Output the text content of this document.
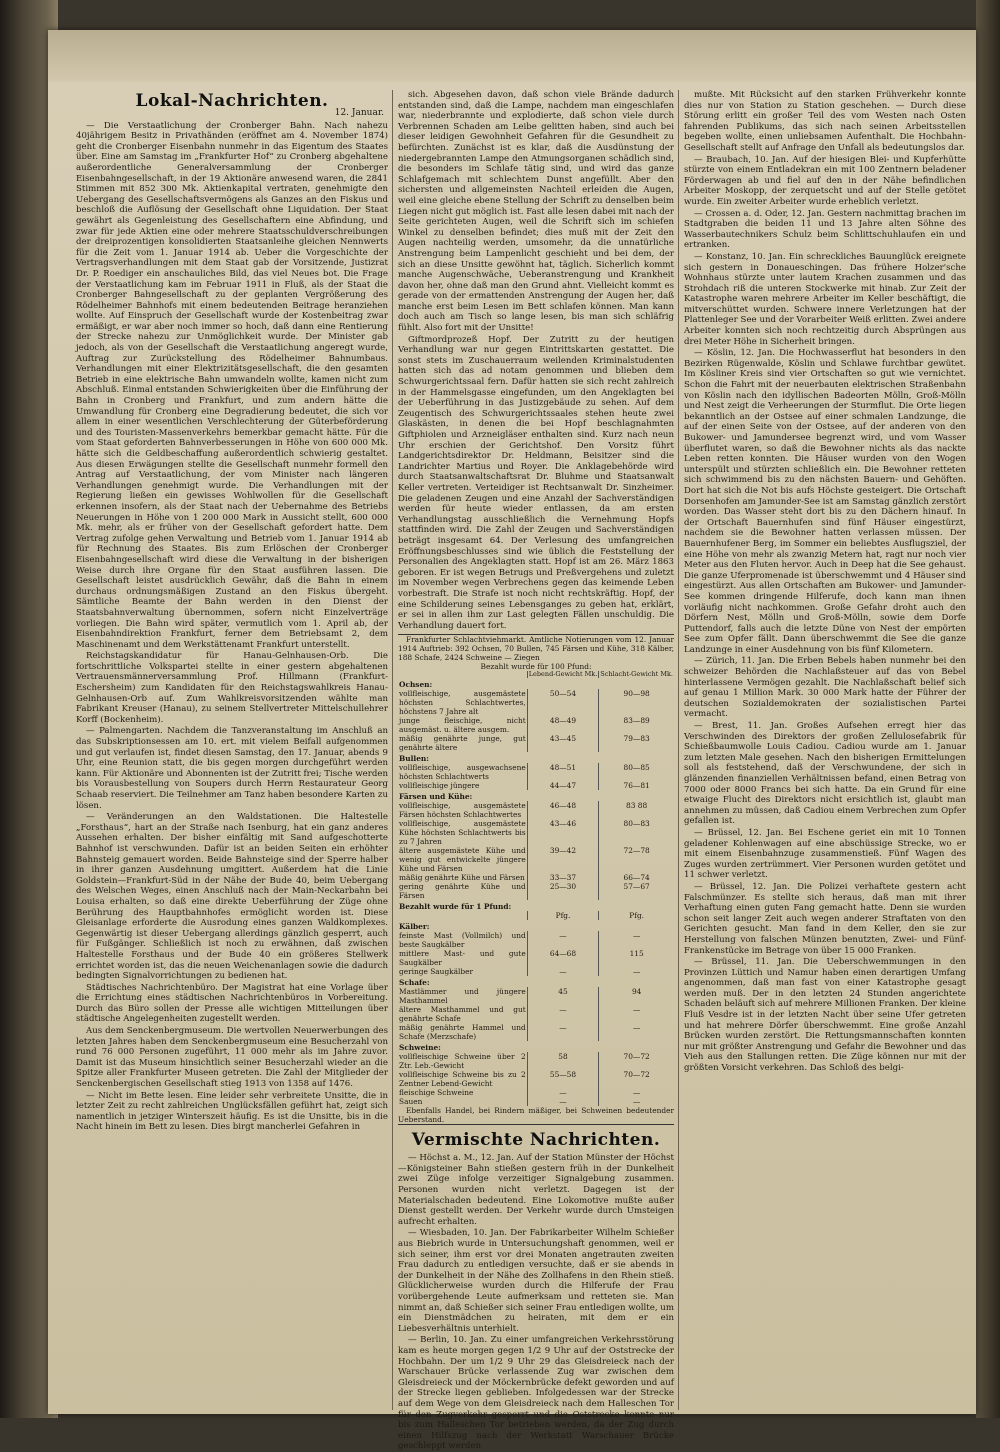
Lokal-Nachrichten.
12. Januar.

— Die Verstaatlichung der Cronberger Bahn. Nach nahezu 40jährigem Besitz in Privathänden (eröffnet am 4. November 1874) geht die Cronberger Eisenbahn nunmehr in das Eigentum des Staates über. Eine am Samstag im „Frankfurter Hof“ zu Cronberg abgehaltene außerordentliche Generalversammlung der Cronberger Eisenbahngesellschaft, in der 19 Aktionäre anwesend waren, die 2841 Stimmen mit 852 300 Mk. Aktienkapital vertraten, genehmigte den Uebergang des Gesellschaftsvermögens als Ganzes an den Fiskus und beschloß die Auflösung der Gesellschaft ohne Liquidation. Der Staat gewährt als Gegenleistung des Gesellschaftern eine Abfindung, und zwar für jede Aktien eine oder mehrere Staatsschuldverschreibungen der dreiprozentigen konsolidierten Staatsanleihe gleichen Nennwerts für die Zeit vom 1. Januar 1914 ab. Ueber die Vorgeschichte der Vertragsverhandlungen mit dem Staat gab der Vorsitzende, Justizrat Dr. P. Roediger ein anschauliches Bild, das viel Neues bot. Die Frage der Verstaatlichung kam im Februar 1911 in Fluß, als der Staat die Cronberger Bahngesellschaft zu der geplanten Vergrößerung des Rödelheimer Bahnhofs mit einem bedeutenden Beitrage heranziehen wollte. Auf Einspruch der Gesellschaft wurde der Kostenbeitrag zwar ermäßigt, er war aber noch immer so hoch, daß dann eine Rentierung der Strecke nahezu zur Unmöglichkeit wurde. Der Minister gab jedoch, als von der Gesellschaft die Verstaatlichung angeregt wurde, Auftrag zur Zurückstellung des Rödelheimer Bahnumbaus. Verhandlungen mit einer Elektrizitätsgesellschaft, die den gesamten Betrieb in eine elektrische Bahn umwandeln wollte, kamen nicht zum Abschluß. Einmal entstanden Schwierigkeiten über die Einführung der Bahn in Cronberg und Frankfurt, und zum andern hätte die Umwandlung für Cronberg eine Degradierung bedeutet, die sich vor allem in einer wesentlichen Verschlechterung der Güterbeförderung und des Touristen-Massenverkehrs bemerkbar gemacht hätte. Für die vom Staat geforderten Bahnverbesserungen in Höhe von 600 000 Mk. hätte sich die Geldbeschaffung außerordentlich schwierig gestaltet. Aus diesen Erwägungen stellte die Gesellschaft nunmehr formell den Antrag auf Verstaatlichung, der vom Minister nach längeren Verhandlungen genehmigt wurde. Die Verhandlungen mit der Regierung ließen ein gewisses Wohlwollen für die Gesellschaft erkennen insofern, als der Staat nach der Uebernahme des Betriebs Neuerungen in Höhe von 1 200 000 Mark in Aussicht stellt, 600 000 Mk. mehr, als er früher von der Gesellschaft gefordert hatte. Dem Vertrag zufolge gehen Verwaltung und Betrieb vom 1. Januar 1914 ab für Rechnung des Staates. Bis zum Erlöschen der Cronberger Eisenbahngesellschaft wird diese die Verwaltung in der bisherigen Weise durch ihre Organe für den Staat ausführen lassen. Die Gesellschaft leistet ausdrücklich Gewähr, daß die Bahn in einem durchaus ordnungsmäßigen Zustand an den Fiskus übergeht. Sämtliche Beamte der Bahn werden in den Dienst der Staatsbahnverwaltung übernommen, sofern nicht Einzelverträge vorliegen. Die Bahn wird später, vermutlich vom 1. April ab, der Eisenbahndirektion Frankfurt, ferner dem Betriebsamt 2, dem Maschinenamt und dem Werkstättenamt Frankfurt unterstellt.

Reichstagskandidatur für Hanau-Gelnhausen-Orb. Die fortschrittliche Volkspartei stellte in einer gestern abgehaltenen Vertrauensmännerversammlung Prof. Hillmann (Frankfurt-Eschersheim) zum Kandidaten für den Reichstagswahlkreis Hanau-Gelnhausen-Orb auf. Zum Wahlkreisvorsitzenden wählte man Fabrikant Kreuser (Hanau), zu seinem Stellvertreter Mittelschullehrer Korff (Bockenheim).

— Palmengarten. Nachdem die Tanzveranstaltung im Anschluß an das Subskriptionsessen am 10. ert. mit vielem Beifall aufgenommen und gut verlaufen ist, findet diesen Samstag, den 17. Januar, abends 9 Uhr, eine Reunion statt, die bis gegen morgen durchgeführt werden kann. Für Aktionäre und Abonnenten ist der Zutritt frei; Tische werden bis Vorausbestellung von Soupers durch Herrn Restaurateur Georg Schaab reserviert. Die Teilnehmer am Tanz haben besondere Karten zu lösen.

— Veränderungen an den Waldstationen. Die Haltestelle „Forsthaus“, hart an der Straße nach Isenburg, hat ein ganz anderes Aussehen erhalten. Der bisher einfältig mit Sand aufgeschotterte Bahnhof ist verschwunden. Dafür ist an beiden Seiten ein erhöhter Bahnsteig gemauert worden. Beide Bahnsteige sind der Sperre halber in ihrer ganzen Ausdehnung umgittert. Außerdem hat die Linie Goldstein—Frankfurt-Süd in der Nähe der Bude 40, beim Uebergang des Welschen Weges, einen Anschluß nach der Main-Neckarbahn bei Louisa erhalten, so daß eine direkte Ueberführung der Züge ohne Berührung des Hauptbahnhofes ermöglicht worden ist. Diese Gleisanlage erforderte die Ausrodung eines ganzen Waldkomplexes. Gegenwärtig ist dieser Uebergang allerdings gänzlich gesperrt, auch für Fußgänger. Schließlich ist noch zu erwähnen, daß zwischen Haltestelle Forsthaus und der Bude 40 ein größeres Stellwerk errichtet worden ist, das die neuen Weichenanlagen sowie die dadurch bedingten Signalvorrichtungen zu bedienen hat.

Städtisches Nachrichtenbüro. Der Magistrat hat eine Vorlage über die Errichtung eines städtischen Nachrichtenbüros in Vorbereitung. Durch das Büro sollen der Presse alle wichtigen Mitteilungen über städtische Angelegenheiten zugestellt werden.

Aus dem Senckenbergmuseum. Die wertvollen Neuerwerbungen des letzten Jahres haben dem Senckenbergmuseum eine Besucherzahl von rund 76 000 Personen zugeführt, 11 000 mehr als im Jahre zuvor. Damit ist das Museum hinsichtlich seiner Besucherzahl wieder an die Spitze aller Frankfurter Museen getreten. Die Zahl der Mitglieder der Senckenbergischen Gesellschaft stieg 1913 von 1358 auf 1476.

— Nicht im Bette lesen. Eine leider sehr verbreitete Unsitte, die in letzter Zeit zu recht zahlreichen Unglücksfällen geführt hat, zeigt sich namentlich in jetziger Winterszeit häufig. Es ist die Unsitte, bis in die Nacht hinein im Bett zu lesen. Dies birgt mancherlei Gefahren in

sich. Abgesehen davon, daß schon viele Brände dadurch entstanden sind, daß die Lampe, nachdem man eingeschlafen war, niederbrannte und explodierte, daß schon viele durch Verbrennen Schaden am Leibe gelitten haben, sind auch bei dieser leidigen Gewohnheit Gefahren für die Gesundheit zu befürchten. Zunächst ist es klar, daß die Ausdünstung der niedergebrannten Lampe den Atmungsorganen schädlich sind, die besonders im Schlafe tätig sind, und wird das ganze Schlafgemach mit schlechtem Dunst angefüllt. Aber den sichersten und allgemeinsten Nachteil erleiden die Augen, weil eine gleiche ebene Stellung der Schrift zu denselben beim Liegen nicht gut möglich ist. Fast alle lesen dabei mit nach der Seite gerichteten Augen, weil die Schrift sich im schiefen Winkel zu denselben befindet; dies muß mit der Zeit den Augen nachteilig werden, umsomehr, da die unnatürliche Anstrengung beim Lampenlicht geschieht und bei dem, der sich an diese Unsitte gewöhnt hat, täglich. Sicherlich kommt manche Augenschwäche, Ueberanstrengung und Krankheit davon her, ohne daß man den Grund ahnt. Vielleicht kommt es gerade von der ermattenden Anstrengung der Augen her, daß manche erst beim Lesen im Bett schlafen können. Man kann doch auch am Tisch so lange lesen, bis man sich schläfrig fühlt. Also fort mit der Unsitte!

Giftmordprozeß Hopf. Der Zutritt zu der heutigen Verhandlung war nur gegen Eintrittskarten gestattet. Die sonst stets im Zuschauerraum weilenden Kriminalstudenten hatten sich das ad notam genommen und blieben dem Schwurgerichtssaal fern. Dafür hatten sie sich recht zahlreich in der Hammelsgasse eingefunden, um den Angeklagten bei der Ueberführung in das Justizgebäude zu sehen. Auf dem Zeugentisch des Schwurgerichtssaales stehen heute zwei Glaskästen, in denen die bei Hopf beschlagnahmten Giftphiolen und Arzneigläser enthalten sind. Kurz nach neun Uhr erschien der Gerichtshof. Den Vorsitz führt Landgerichtsdirektor Dr. Heldmann, Beisitzer sind die Landrichter Martius und Royer. Die Anklagebehörde wird durch Staatsanwaltschaftsrat Dr. Bluhme und Staatsanwalt Keller vertreten. Verteidiger ist Rechtsanwalt Dr. Sinzheimer. Die geladenen Zeugen und eine Anzahl der Sachverständigen werden für heute wieder entlassen, da am ersten Verhandlungstag ausschließlich die Vernehmung Hopfs stattfinden wird. Die Zahl der Zeugen und Sachverständigen beträgt insgesamt 64. Der Verlesung des umfangreichen Eröffnungsbeschlusses sind wie üblich die Feststellung der Personalien des Angeklagten statt. Hopf ist am 26. März 1863 geboren. Er ist wegen Betrugs und Preßvergehens und zuletzt im November wegen Verbrechens gegen das keimende Leben vorbestraft. Die Strafe ist noch nicht rechtskräftig. Hopf, der eine Schilderung seines Lebensganges zu geben hat, erklärt, er sei in allen ihm zur Last gelegten Fällen unschuldig. Die Verhandlung dauert fort.

Frankfurter Schlachtviehmarkt. Amtliche Notierungen vom 12. Januar 1914 Auftrieb: 392 Ochsen, 70 Bullen, 745 Färsen und Kühe, 318 Kälber, 188 Schafe, 2424 Schweine — Ziegen
Bezahlt wurde für 100 Pfund:
	Lebend-Gewicht Mk.	Schlacht-Gewicht Mk.
Ochsen:		
vollfleischige, ausgemästete höchsten Schlachtwertes, höchstens 7 Jahre alt	50—54	90—98
junge fleischige, nicht ausgemäst. u. ältere ausgem.	48—49	83—89
mäßig genährte junge, gut genährte ältere	43—45	79—83
Bullen:		
vollfleischige, ausgewachsene höchsten Schlachtwerts	48—51	80—85
vollfleischige jüngere	44—47	76—81
Färsen und Kühe:		
vollfleischige, ausgemästete Färsen höchsten Schlachtwertes	46—48	83 88
vollfleischige, ausgemästete Kühe höchsten Schlachtwerts bis zu 7 Jahren	43—46	80—83
ältere ausgemästete Kühe und wenig gut entwickelte jüngere Kühe und Färsen	39—42	72—78
mäßig genährte Kühe und Färsen	33—37	66—74
gering genährte Kühe und Färsen	25—30	57—67
Bezahlt wurde für 1 Pfund:		
	Pfg.	Pfg.
Kälber:		
feinste Mast (Vollmilch) und beste Saugkälber	—	—
mittlere Mast- und gute Saugkälber	64—68	115
geringe Saugkälber	—	—
Schafe:		
Mastlämmer und jüngere Masthammel	45	94
ältere Masthammel und gut genährte Schafe	—	—
mäßig genährte Hammel und Schafe (Merzschafe)	—	—
Schweine:		
vollfleischige Schweine über 2 Ztr. Leb.-Gewicht	58	70—72
vollfleischige Schweine bis zu 2 Zentner Lebend-Gewicht	55—58	70—72
fleischige Schweine	—	—
Sauen	—	—
Ebenfalls Handel, bei Rindern mäßiger, bei Schweinen bedeutender Ueberstand.
Vermischte Nachrichten.

— Höchst a. M., 12. Jan. Auf der Station Münster der Höchst—Königsteiner Bahn stießen gestern früh in der Dunkelheit zwei Züge infolge verzeitiger Signalgebung zusammen. Personen wurden nicht verletzt. Dagegen ist der Materialschaden bedeutend. Eine Lokomotive mußte außer Dienst gestellt werden. Der Verkehr wurde durch Umsteigen aufrecht erhalten.

— Wiesbaden, 10. Jan. Der Fabrikarbeiter Wilhelm Schießer aus Biebrich wurde in Untersuchungshaft genommen, weil er sich seiner, ihm erst vor drei Monaten angetrauten zweiten Frau dadurch zu entledigen versuchte, daß er sie abends in der Dunkelheit in der Nähe des Zollhafens in den Rhein stieß. Glücklicherweise wurden durch die Hilferufe der Frau vorübergehende Leute aufmerksam und retteten sie. Man nimmt an, daß Schießer sich seiner Frau entledigen wollte, um ein Dienstmädchen zu heiraten, mit dem er ein Liebesverhältnis unterhielt.

— Berlin, 10. Jan. Zu einer umfangreichen Verkehrsstörung kam es heute morgen gegen 1/2 9 Uhr auf der Oststrecke der Hochbahn. Der um 1/2 9 Uhr 29 das Gleisdreieck nach der Warschauer Brücke verlassende Zug war zwischen dem Gleisdreieck und der Möckernbrücke defekt geworden und auf der Strecke liegen geblieben. Infolgedessen war der Strecke auf dem Wege von dem Gleisdreieck nach dem Halleschen Tor für den Zugverkehr gesperrt und die Oststrecke konnte nur bis zum Halleschen Tor betrieben werden, da der Zug durch einen Hilfszug nach der Werkstatt Warschauer Brücke geschleppt werden

mußte. Mit Rücksicht auf den starken Frühverkehr konnte dies nur von Station zu Station geschehen. — Durch diese Störung erlitt ein großer Teil des vom Westen nach Osten fahrenden Publikums, das sich nach seinen Arbeitsstellen begeben wollte, einen unliebsamen Aufenthalt. Die Hochbahn-Gesellschaft stellt auf Anfrage den Unfall als bedeutungslos dar.

— Braubach, 10. Jan. Auf der hiesigen Blei- und Kupferhütte stürzte von einem Entladekran ein mit 100 Zentnern beladener Förderwagen ab und fiel auf den in der Nähe befindlichen Arbeiter Moskopp, der zerquetscht und auf der Stelle getötet wurde. Ein zweiter Arbeiter wurde erheblich verletzt.

— Crossen a. d. Oder, 12. Jan. Gestern nachmittag brachen im Stadtgraben die beiden 11 und 13 Jahre alten Söhne des Wasserbautechnikers Schulz beim Schlittschuhlaufen ein und ertranken.

— Konstanz, 10. Jan. Ein schreckliches Bauunglück ereignete sich gestern in Donaueschingen. Das frühere Holzer'sche Wohnhaus stürzte unter lautem Krachen zusammen und das Strohdach riß die unteren Stockwerke mit hinab. Zur Zeit der Katastrophe waren mehrere Arbeiter im Keller beschäftigt, die mitverschüttet wurden. Schwere innere Verletzungen hat der Plattenleger See und der Vorarbeiter Weiß erlitten. Zwei andere Arbeiter konnten sich noch rechtzeitig durch Absprüngen aus drei Meter Höhe in Sicherheit bringen.

— Köslin, 12. Jan. Die Hochwasserflut hat besonders in den Bezirken Rügenwalde, Köslin und Schlawe furchtbar gewütet. Im Kösliner Kreis sind vier Ortschaften so gut wie vernichtet. Schon die Fahrt mit der neuerbauten elektrischen Straßenbahn von Köslin nach den idyllischen Badeorten Mölln, Groß-Mölln und Nest zeigt die Verheerungen der Sturmflut. Die Orte liegen bekanntlich an der Ostsee auf einer schmalen Landzunge, die auf der einen Seite von der Ostsee, auf der anderen von den Bukower- und Jamundersee begrenzt wird, und vom Wasser überflutet waren, so daß die Bewohner nichts als das nackte Leben retten konnten. Die Häuser wurden von den Wogen unterspült und stürzten schließlich ein. Die Bewohner retteten sich schwimmend bis zu den nächsten Bauern- und Gehöften. Dort hat sich die Not bis aufs Höchste gesteigert. Die Ortschaft Dorsenhofen am Jamunder-See ist am Samstag gänzlich zerstört worden. Das Wasser steht dort bis zu den Dächern hinauf. In der Ortschaft Bauernhufen sind fünf Häuser eingestürzt, nachdem sie die Bewohner hatten verlassen müssen. Der Bauernhufener Berg, im Sommer ein beliebtes Ausflugsziel, der eine Höhe von mehr als zwanzig Metern hat, ragt nur noch vier Meter aus den Fluten hervor. Auch in Deep hat die See gehaust. Die ganze Uferpromenade ist überschwemmt und 4 Häuser sind eingestürzt. Aus allen Ortschaften am Bukower- und Jamunder-See kommen dringende Hilferufe, doch kann man ihnen vorläufig nicht nachkommen. Große Gefahr droht auch den Dörfern Nest, Mölln und Groß-Mölln, sowie dem Dorfe Puttendorf, falls auch die letzte Düne von Nest der empörten See zum Opfer fällt. Dann überschwemmt die See die ganze Landzunge in einer Ausdehnung von bis fünf Kilometern.

— Zürich, 11. Jan. Die Erben Bebels haben nunmehr bei den schweizer Behörden die Nachlaßsteuer auf das von Bebel hinterlassene Vermögen gezahlt. Die Nachlaßschaft belief sich auf genau 1 Million Mark. 30 000 Mark hatte der Führer der deutschen Sozialdemokraten der sozialistischen Partei vermacht.

— Brest, 11. Jan. Großes Aufsehen erregt hier das Verschwinden des Direktors der großen Zellulosefabrik für Schießbaumwolle Louis Cadiou. Cadiou wurde am 1. Januar zum letzten Male gesehen. Nach den bisherigen Ermittelungen soll als feststehend, daß der Verschwundene, der sich in glänzenden finanziellen Verhältnissen befand, einen Betrag von 7000 oder 8000 Francs bei sich hatte. Da ein Grund für eine etwaige Flucht des Direktors nicht ersichtlich ist, glaubt man annehmen zu müssen, daß Cadiou einem Verbrechen zum Opfer gefallen ist.

— Brüssel, 12. Jan. Bei Eschene geriet ein mit 10 Tonnen geladener Kohlenwagen auf eine abschüssige Strecke, wo er mit einem Eisenbahnzuge zusammenstieß. Fünf Wagen des Zuges wurden zertrümmert. Vier Personen wurden getötet und 11 schwer verletzt.

— Brüssel, 12. Jan. Die Polizei verhaftete gestern acht Falschmünzer. Es stellte sich heraus, daß man mit ihrer Verhaftung einen guten Fang gemacht hatte. Denn sie wurden schon seit langer Zeit auch wegen anderer Straftaten von den Gerichten gesucht. Man fand in dem Keller, den sie zur Herstellung von falschen Münzen benutzten, Zwei- und Fünf-Frankenstücke im Betrage von über 15 000 Franken.

— Brüssel, 11. Jan. Die Ueberschwemmungen in den Provinzen Lüttich und Namur haben einen derartigen Umfang angenommen, daß man fast von einer Katastrophe gesagt werden muß. Der in den letzten 24 Stunden angerichtete Schaden beläuft sich auf mehrere Millionen Franken. Der kleine Fluß Vesdre ist in der letzten Nacht über seine Ufer getreten und hat mehrere Dörfer überschwemmt. Eine große Anzahl Brücken wurden zerstört. Die Rettungsmannschaften konnten nur mit größter Anstrengung und Gefahr die Bewohner und das Vieh aus den Stallungen retten. Die Züge können nur mit der größten Vorsicht verkehren. Das Schloß des belgi-
